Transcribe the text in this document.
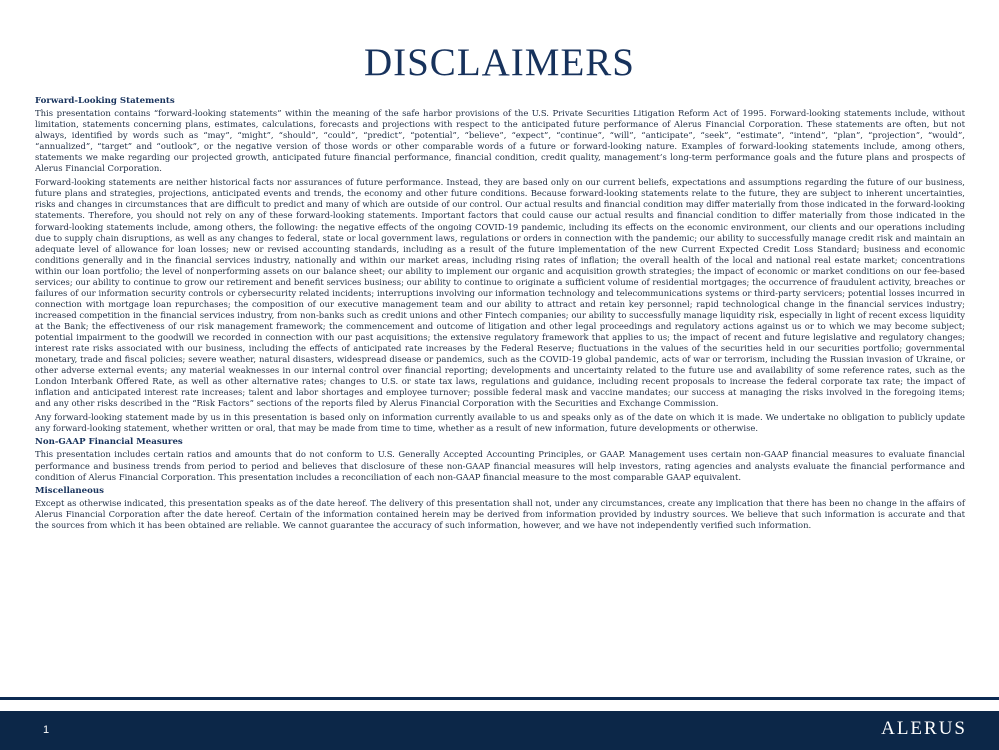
DISCLAIMERS
Forward-Looking Statements

This presentation contains “forward-looking statements” within the meaning of the safe harbor provisions of the U.S. Private Securities Litigation Reform Act of 1995. Forward-looking statements include, without limitation, statements concerning plans, estimates, calculations, forecasts and projections with respect to the anticipated future performance of Alerus Financial Corporation. These statements are often, but not always, identified by words such as “may”, “might”, “should”, “could”, “predict”, “potential”, “believe”, “expect”, “continue”, “will”, “anticipate”, “seek”, “estimate”, “intend”, “plan”, “projection”, “would”, “annualized”, “target” and “outlook”, or the negative version of those words or other comparable words of a future or forward-looking nature. Examples of forward-looking statements include, among others, statements we make regarding our projected growth, anticipated future financial performance, financial condition, credit quality, management’s long-term performance goals and the future plans and prospects of Alerus Financial Corporation.

Forward-looking statements are neither historical facts nor assurances of future performance. Instead, they are based only on our current beliefs, expectations and assumptions regarding the future of our business, future plans and strategies, projections, anticipated events and trends, the economy and other future conditions. Because forward-looking statements relate to the future, they are subject to inherent uncertainties, risks and changes in circumstances that are difficult to predict and many of which are outside of our control. Our actual results and financial condition may differ materially from those indicated in the forward-looking statements. Therefore, you should not rely on any of these forward-looking statements. Important factors that could cause our actual results and financial condition to differ materially from those indicated in the forward-looking statements include, among others, the following: the negative effects of the ongoing COVID-19 pandemic, including its effects on the economic environment, our clients and our operations including due to supply chain disruptions, as well as any changes to federal, state or local government laws, regulations or orders in connection with the pandemic; our ability to successfully manage credit risk and maintain an adequate level of allowance for loan losses; new or revised accounting standards, including as a result of the future implementation of the new Current Expected Credit Loss Standard; business and economic conditions generally and in the financial services industry, nationally and within our market areas, including rising rates of inflation; the overall health of the local and national real estate market; concentrations within our loan portfolio; the level of nonperforming assets on our balance sheet; our ability to implement our organic and acquisition growth strategies; the impact of economic or market conditions on our fee-based services; our ability to continue to grow our retirement and benefit services business; our ability to continue to originate a sufficient volume of residential mortgages; the occurrence of fraudulent activity, breaches or failures of our information security controls or cybersecurity related incidents; interruptions involving our information technology and telecommunications systems or third-party servicers; potential losses incurred in connection with mortgage loan repurchases; the composition of our executive management team and our ability to attract and retain key personnel; rapid technological change in the financial services industry; increased competition in the financial services industry, from non-banks such as credit unions and other Fintech companies; our ability to successfully manage liquidity risk, especially in light of recent excess liquidity at the Bank; the effectiveness of our risk management framework; the commencement and outcome of litigation and other legal proceedings and regulatory actions against us or to which we may become subject; potential impairment to the goodwill we recorded in connection with our past acquisitions; the extensive regulatory framework that applies to us; the impact of recent and future legislative and regulatory changes; interest rate risks associated with our business, including the effects of anticipated rate increases by the Federal Reserve; fluctuations in the values of the securities held in our securities portfolio; governmental monetary, trade and fiscal policies; severe weather, natural disasters, widespread disease or pandemics, such as the COVID-19 global pandemic, acts of war or terrorism, including the Russian invasion of Ukraine, or other adverse external events; any material weaknesses in our internal control over financial reporting; developments and uncertainty related to the future use and availability of some reference rates, such as the London Interbank Offered Rate, as well as other alternative rates; changes to U.S. or state tax laws, regulations and guidance, including recent proposals to increase the federal corporate tax rate; the impact of inflation and anticipated interest rate increases; talent and labor shortages and employee turnover; possible federal mask and vaccine mandates; our success at managing the risks involved in the foregoing items; and any other risks described in the “Risk Factors” sections of the reports filed by Alerus Financial Corporation with the Securities and Exchange Commission.

Any forward-looking statement made by us in this presentation is based only on information currently available to us and speaks only as of the date on which it is made. We undertake no obligation to publicly update any forward-looking statement, whether written or oral, that may be made from time to time, whether as a result of new information, future developments or otherwise.

Non-GAAP Financial Measures

This presentation includes certain ratios and amounts that do not conform to U.S. Generally Accepted Accounting Principles, or GAAP. Management uses certain non-GAAP financial measures to evaluate financial performance and business trends from period to period and believes that disclosure of these non-GAAP financial measures will help investors, rating agencies and analysts evaluate the financial performance and condition of Alerus Financial Corporation. This presentation includes a reconciliation of each non-GAAP financial measure to the most comparable GAAP equivalent.

Miscellaneous

Except as otherwise indicated, this presentation speaks as of the date hereof. The delivery of this presentation shall not, under any circumstances, create any implication that there has been no change in the affairs of Alerus Financial Corporation after the date hereof. Certain of the information contained herein may be derived from information provided by industry sources. We believe that such information is accurate and that the sources from which it has been obtained are reliable. We cannot guarantee the accuracy of such information, however, and we have not independently verified such information.

1	ALERUS
